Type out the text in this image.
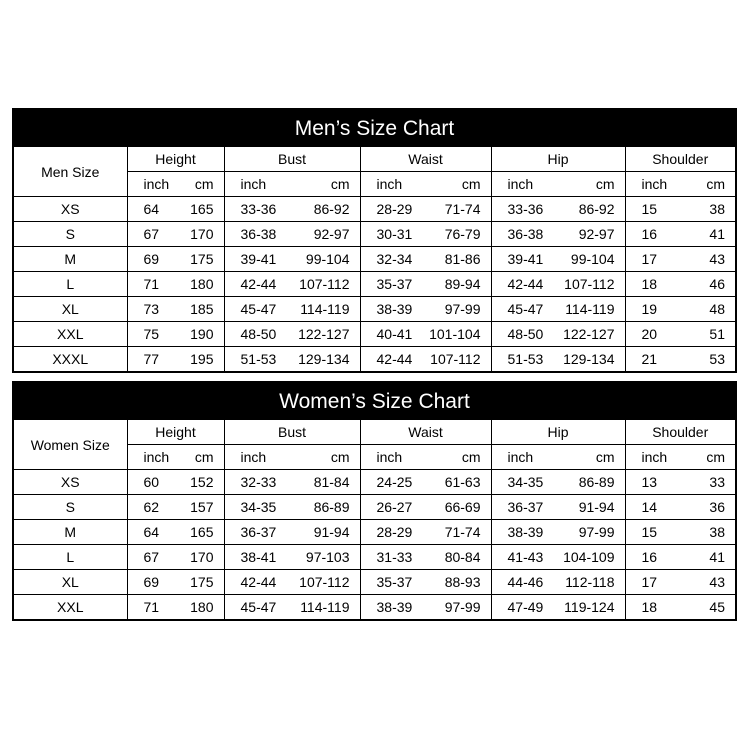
Men’s Size Chart
Men Size	Height	Bust	Waist	Hip	Shoulder

	inch cm	inch cm	inch cm	inch cm	inch cm

XS	64 165	33-36 86-92	28-29 71-74	33-36 86-92	15 38

S	67 170	36-38 92-97	30-31 76-79	36-38 92-97	16 41

M	69 175	39-41 99-104	32-34 81-86	39-41 99-104	17 43

L	71 180	42-44 107-112	35-37 89-94	42-44 107-112	18 46

XL	73 185	45-47 114-119	38-39 97-99	45-47 114-119	19 48

XXL	75 190	48-50 122-127	40-41 101-104	48-50 122-127	20 51

XXXL	77 195	51-53 129-134	42-44 107-112	51-53 129-134	21 53
Women’s Size Chart
Women Size	Height	Bust	Waist	Hip	Shoulder

	inch cm	inch cm	inch cm	inch cm	inch cm

XS	60 152	32-33 81-84	24-25 61-63	34-35 86-89	13 33

S	62 157	34-35 86-89	26-27 66-69	36-37 91-94	14 36

M	64 165	36-37 91-94	28-29 71-74	38-39 97-99	15 38

L	67 170	38-41 97-103	31-33 80-84	41-43 104-109	16 41

XL	69 175	42-44 107-112	35-37 88-93	44-46 112-118	17 43

XXL	71 180	45-47 114-119	38-39 97-99	47-49 119-124	18 45
